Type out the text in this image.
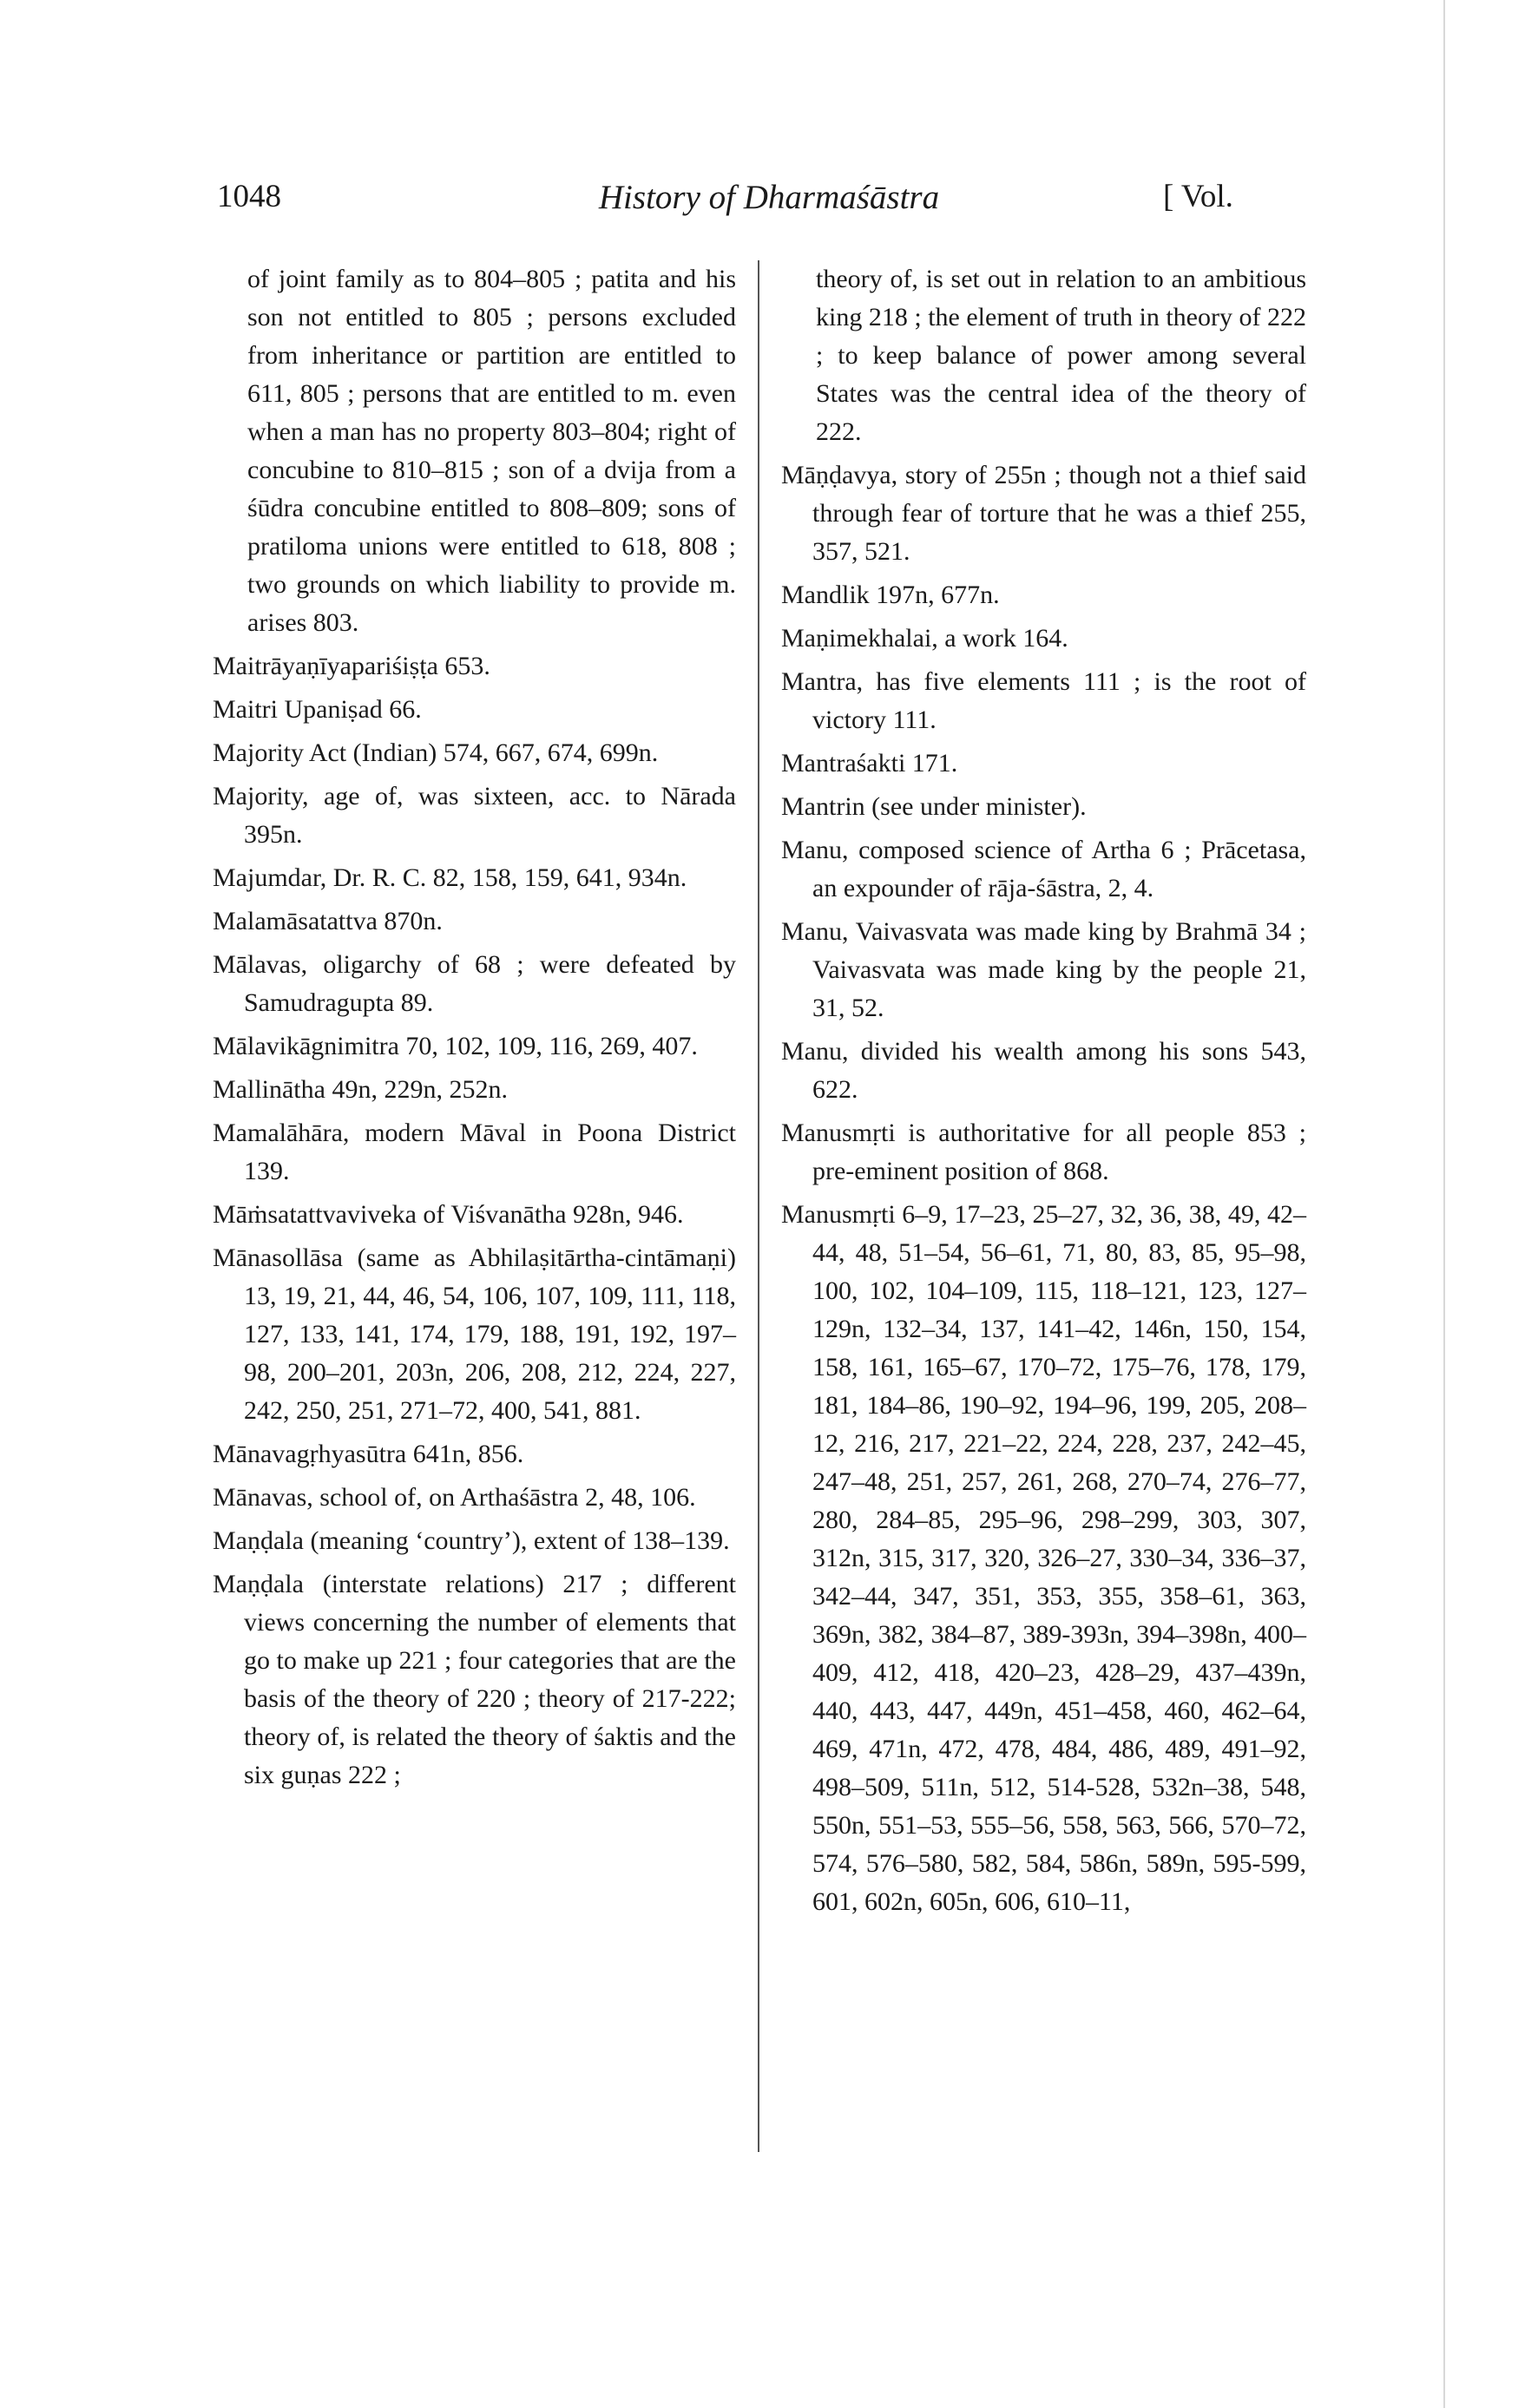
1048	History of Dharmaśāstra	[ Vol.
of joint family as to 804–805 ; patita and his son not entitled to 805 ; persons excluded from inheritance or partition are entitled to 611, 805 ; persons that are entitled to m. even when a man has no property 803–804; right of concubine to 810–815 ; son of a dvija from a śūdra concubine entitled to 808–809; sons of pratiloma unions were entitled to 618, 808 ; two grounds on which liability to provide m. arises 803.
Maitrāyaṇīyapariśiṣṭa 653.
Maitri Upaniṣad 66.
Majority Act (Indian) 574, 667, 674, 699n.
Majority, age of, was sixteen, acc. to Nārada 395n.
Majumdar, Dr. R. C. 82, 158, 159, 641, 934n.
Malamāsatattva 870n.
Mālavas, oligarchy of 68 ; were defeated by Samudragupta 89.
Mālavikāgnimitra 70, 102, 109, 116, 269, 407.
Mallinātha 49n, 229n, 252n.
Mamalāhāra, modern Māval in Poona District 139.
Māṁsatattvaviveka of Viśvanātha 928n, 946.
Mānasollāsa (same as Abhilaṣitārtha-cintāmaṇi) 13, 19, 21, 44, 46, 54, 106, 107, 109, 111, 118, 127, 133, 141, 174, 179, 188, 191, 192, 197–98, 200–201, 203n, 206, 208, 212, 224, 227, 242, 250, 251, 271–72, 400, 541, 881.
Mānavagṛhyasūtra 641n, 856.
Mānavas, school of, on Arthaśāstra 2, 48, 106.
Maṇḍala (meaning ‘country’), extent of 138–139.
Maṇḍala (interstate relations) 217 ; different views concerning the number of elements that go to make up 221 ; four categories that are the basis of the theory of 220 ; theory of 217-222; theory of, is related the theory of śaktis and the six guṇas 222 ;
theory of, is set out in relation to an ambitious king 218 ; the element of truth in theory of 222 ; to keep balance of power among several States was the central idea of the theory of 222.
Māṇḍavya, story of 255n ; though not a thief said through fear of torture that he was a thief 255, 357, 521.
Mandlik 197n, 677n.
Maṇimekhalai, a work 164.
Mantra, has five elements 111 ; is the root of victory 111.
Mantraśakti 171.
Mantrin (see under minister).
Manu, composed science of Artha 6 ; Prācetasa, an expounder of rāja-śāstra, 2, 4.
Manu, Vaivasvata was made king by Brahmā 34 ; Vaivasvata was made king by the people 21, 31, 52.
Manu, divided his wealth among his sons 543, 622.
Manusmṛti is authoritative for all people 853 ; pre-eminent position of 868.
Manusmṛti 6–9, 17–23, 25–27, 32, 36, 38, 49, 42–44, 48, 51–54, 56–61, 71, 80, 83, 85, 95–98, 100, 102, 104–109, 115, 118–121, 123, 127–129n, 132–34, 137, 141–42, 146n, 150, 154, 158, 161, 165–67, 170–72, 175–76, 178, 179, 181, 184–86, 190–92, 194–96, 199, 205, 208–12, 216, 217, 221–22, 224, 228, 237, 242–45, 247–48, 251, 257, 261, 268, 270–74, 276–77, 280, 284–85, 295–96, 298–299, 303, 307, 312n, 315, 317, 320, 326–27, 330–34, 336–37, 342–44, 347, 351, 353, 355, 358–61, 363, 369n, 382, 384–87, 389-393n, 394–398n, 400–409, 412, 418, 420–23, 428–29, 437–439n, 440, 443, 447, 449n, 451–458, 460, 462–64, 469, 471n, 472, 478, 484, 486, 489, 491–92, 498–509, 511n, 512, 514-528, 532n–38, 548, 550n, 551–53, 555–56, 558, 563, 566, 570–72, 574, 576–580, 582, 584, 586n, 589n, 595-599, 601, 602n, 605n, 606, 610–11,
